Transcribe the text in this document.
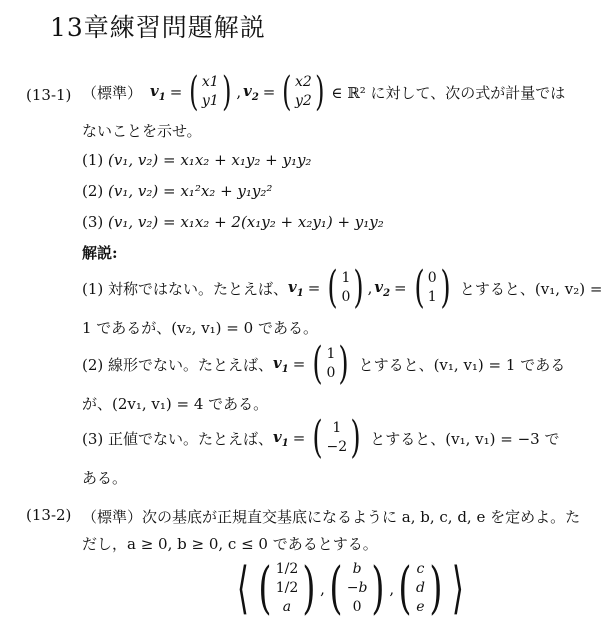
13章練習問題解説
(13-1) （標準） $v_1$ = ( x1
y1 ) , $v_2$ = ( x2
y2 ) ∈ ℝ² に対して、次の式が計量では
ないことを示せ。
(1) (v₁, v₂) = x₁x₂ + x₁y₂ + y₁y₂
(2) (v₁, v₂) = x₁²x₂ + y₁y₂²
(3) (v₁, v₂) = x₁x₂ + 2(x₁y₂ + x₂y₁) + y₁y₂
解説:
(1) 対称ではない。たとえば、 $v_1$ = ( 1
0 ) , $v_2$ = ( 0
1 ) とすると、(v₁, v₂) =
1 であるが、(v₂, v₁) = 0 である。
(2) 線形でない。たとえば、 $v_1$ = ( 1
0 ) とすると、(v₁, v₁) = 1 である
が、(2v₁, v₁) = 4 である。
(3) 正値でない。たとえば、 $v_1$ = ( 1
−2 ) とすると、(v₁, v₁) = −3 で
ある。
(13-2) （標準）次の基底が正規直交基底になるように a, b, c, d, e を定めよ。た
だし，a ≥ 0, b ≥ 0, c ≤ 0 であるとする。
⟨ ( 1/2
1/2
a ) , ( b
−b
0 ) , ( c
d
e ) ⟩
